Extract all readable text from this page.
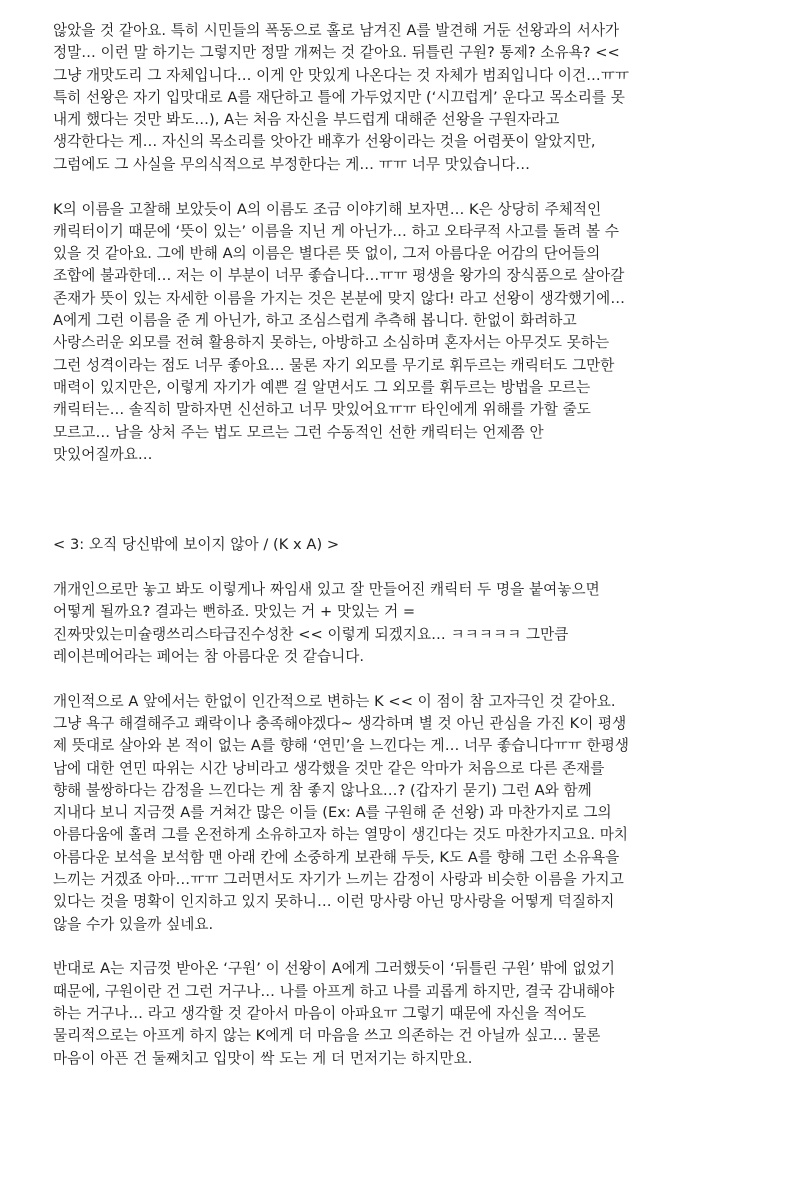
않았을 것 같아요. 특히 시민들의 폭동으로 홀로 남겨진 A를 발견해 거둔 선왕과의 서사가
정말… 이런 말 하기는 그렇지만 정말 개쩌는 것 같아요. 뒤틀린 구원? 통제? 소유욕? <<
그냥 개맛도리 그 자체입니다… 이게 안 맛있게 나온다는 것 자체가 범죄입니다 이건…ㅠㅠ
특히 선왕은 자기 입맛대로 A를 재단하고 틀에 가두었지만 (‘시끄럽게’ 운다고 목소리를 못
내게 했다는 것만 봐도…), A는 처음 자신을 부드럽게 대해준 선왕을 구원자라고
생각한다는 게… 자신의 목소리를 앗아간 배후가 선왕이라는 것을 어렴풋이 알았지만,
그럼에도 그 사실을 무의식적으로 부정한다는 게… ㅠㅠ 너무 맛있습니다…
K의 이름을 고찰해 보았듯이 A의 이름도 조금 이야기해 보자면… K은 상당히 주체적인
캐릭터이기 때문에 ‘뜻이 있는’ 이름을 지닌 게 아닌가… 하고 오타쿠적 사고를 돌려 볼 수
있을 것 같아요. 그에 반해 A의 이름은 별다른 뜻 없이, 그저 아름다운 어감의 단어들의
조합에 불과한데… 저는 이 부분이 너무 좋습니다…ㅠㅠ 평생을 왕가의 장식품으로 살아갈
존재가 뜻이 있는 자세한 이름을 가지는 것은 본분에 맞지 않다! 라고 선왕이 생각했기에…
A에게 그런 이름을 준 게 아닌가, 하고 조심스럽게 추측해 봅니다. 한없이 화려하고
사랑스러운 외모를 전혀 활용하지 못하는, 아방하고 소심하며 혼자서는 아무것도 못하는
그런 성격이라는 점도 너무 좋아요… 물론 자기 외모를 무기로 휘두르는 캐릭터도 그만한
매력이 있지만은, 이렇게 자기가 예쁜 걸 알면서도 그 외모를 휘두르는 방법을 모르는
캐릭터는… 솔직히 말하자면 신선하고 너무 맛있어요ㅠㅠ 타인에게 위해를 가할 줄도
모르고… 남을 상처 주는 법도 모르는 그런 수동적인 선한 캐릭터는 언제쯤 안
맛있어질까요…
< 3: 오직 당신밖에 보이지 않아 / (K x A) >
개개인으로만 놓고 봐도 이렇게나 짜임새 있고 잘 만들어진 캐릭터 두 명을 붙여놓으면
어떻게 될까요? 결과는 뻔하죠. 맛있는 거 + 맛있는 거 =
진짜맛있는미슐랭쓰리스타급진수성찬 << 이렇게 되겠지요… ㅋㅋㅋㅋㅋ 그만큼
레이븐메어라는 페어는 참 아름다운 것 같습니다.
개인적으로 A 앞에서는 한없이 인간적으로 변하는 K << 이 점이 참 고자극인 것 같아요.
그냥 욕구 해결해주고 쾌락이나 충족해야겠다~ 생각하며 별 것 아닌 관심을 가진 K이 평생
제 뜻대로 살아와 본 적이 없는 A를 향해 ‘연민’을 느낀다는 게… 너무 좋습니다ㅠㅠ 한평생
남에 대한 연민 따위는 시간 낭비라고 생각했을 것만 같은 악마가 처음으로 다른 존재를
향해 불쌍하다는 감정을 느낀다는 게 참 좋지 않나요…? (갑자기 묻기) 그런 A와 함께
지내다 보니 지금껏 A를 거쳐간 많은 이들 (Ex: A를 구원해 준 선왕) 과 마찬가지로 그의
아름다움에 홀려 그를 온전하게 소유하고자 하는 열망이 생긴다는 것도 마찬가지고요. 마치
아름다운 보석을 보석함 맨 아래 칸에 소중하게 보관해 두듯, K도 A를 향해 그런 소유욕을
느끼는 거겠죠 아마…ㅠㅠ 그러면서도 자기가 느끼는 감정이 사랑과 비슷한 이름을 가지고
있다는 것을 명확이 인지하고 있지 못하니… 이런 망사랑 아닌 망사랑을 어떻게 덕질하지
않을 수가 있을까 싶네요.
반대로 A는 지금껏 받아온 ‘구원’ 이 선왕이 A에게 그러했듯이 ‘뒤틀린 구원’ 밖에 없었기
때문에, 구원이란 건 그런 거구나… 나를 아프게 하고 나를 괴롭게 하지만, 결국 감내해야
하는 거구나… 라고 생각할 것 같아서 마음이 아파요ㅠ 그렇기 때문에 자신을 적어도
물리적으로는 아프게 하지 않는 K에게 더 마음을 쓰고 의존하는 건 아닐까 싶고… 물론
마음이 아픈 건 둘째치고 입맛이 싹 도는 게 더 먼저기는 하지만요.
